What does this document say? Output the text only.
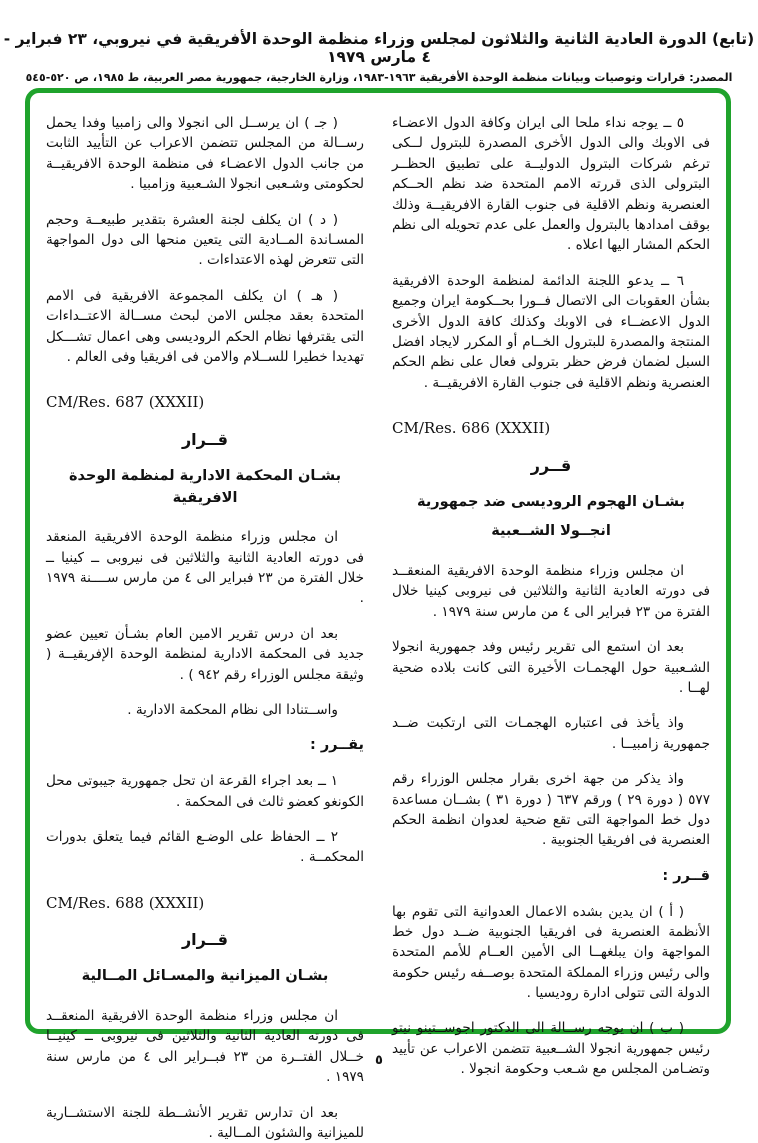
(تابع) الدورة العادية الثانية والثلاثون لمجلس وزراء منظمة الوحدة الأفريقية في نيروبي، ٢٣ فبراير - ٤ مارس ١٩٧٩
المصدر: قرارات وتوصيات وبيانات منظمة الوحدة الأفريقية ١٩٦٣-١٩٨٣، وزارة الخارجية، جمهورية مصر العربية، ط ١٩٨٥، ص ٥٢٠-٥٤٥

٥ ــ يوجه نداء ملحا الى ايران وكافة الدول الاعضـاء فى الاوبك والى الدول الأخرى المصدرة للبترول لــكى ترغم شركات البترول الدوليــة على تطبيق الحظــر البترولى الذى قررته الامم المتحدة ضد نظم الحــكم العنصرية ونظم الاقلية فى جنوب القارة الافريقيــة وذلك بوقف امدادها بالبترول والعمل على عدم تحويله الى نظم الحكم المشار اليها اعلاه .

٦ ــ يدعو اللجنة الدائمة لمنظمة الوحدة الافريقية بشأن العقوبات الى الاتصال فــورا بحــكومة ايران وجميع الدول الاعضــاء فى الاوبك وكذلك كافة الدول الأخرى المنتجة والمصدرة للبترول الخــام أو المكرر لايجاد افضل السبل لضمان فرض حظر بترولى فعال على نظم الحكم العنصرية ونظم الاقلية فى جنوب القارة الافريقيــة .

CM/Res. 686 (XXXII)
قــرر
بشـان الهجوم الروديسى ضد جمهورية
انجــولا الشــعبية

ان مجلس وزراء منظمة الوحدة الافريقية المنعقــد فى دورته العادية الثانية والثلاثين فى نيروبى كينيا خلال الفترة من ٢٣ فبراير الى ٤ من مارس سنة ١٩٧٩ .

بعد ان استمع الى تقرير رئيس وفد جمهورية انجولا الشـعبية حول الهجمـات الأخيرة التى كانت بلاده ضحية لهــا .

واذ يأخذ فى اعتباره الهجمـات التى ارتكبت ضــد جمهورية زامبيــا .

واذ يذكر من جهة اخرى بقرار مجلس الوزراء رقم ٥٧٧ ( دورة ٢٩ ) ورقم ٦٣٧ ( دورة ٣١ ) بشــان مساعدة دول خط المواجهة التى تقع ضحية لعدوان انظمة الحكم العنصرية فى افريقيا الجنوبية .

قــرر :

( أ ) ان يدين بشده الاعمال العدوانية التى تقوم بها الأنظمة العنصرية فى افريقيا الجنوبية ضــد دول خط المواجهة وان يبلغهــا الى الأمين العــام للأمم المتحدة والى رئيس وزراء المملكة المتحدة بوصــفه رئيس حكومة الدولة التى تتولى ادارة روديسيا .

( ب ) ان يوجه رســالة الى الدكتور اجوســتينو نيتو رئيس جمهورية انجولا الشــعبية تتضمن الاعراب عن تأييد وتضـامن المجلس مع شـعب وحكومة انجولا .

( جـ ) ان يرســل الى انجولا والى زامبيا وفدا يحمل رســالة من المجلس تتضمن الاعراب عن التأييد الثابت من جانب الدول الاعضـاء فى منظمة الوحدة الافريقيــة لحكومتى وشـعبى انجولا الشـعبية وزامبيا .

( د ) ان يكلف لجنة العشرة بتقدير طبيعــة وحجم المسـاندة المــادية التى يتعين منحها الى دول المواجهة التى تتعرض لهذه الاعتداءات .

( هـ ) ان يكلف المجموعة الافريقية فى الامم المتحدة بعقد مجلس الامن لبحث مســالة الاعتــداءات التى يقترفها نظام الحكم الروديسى وهى اعمال تشـــكل تهديدا خطيرا للســلام والامن فى افريقيا وفى العالم .

CM/Res. 687 (XXXII)
قــرار
بشـان المحكمة الادارية لمنظمة الوحدة الافريقية

ان مجلس وزراء منظمة الوحدة الافريقية المنعقد فى دورته العادية الثانية والثلاثين فى نيروبى ــ كينيا ــ خلال الفترة من ٢٣ فبراير الى ٤ من مارس ســــنة ١٩٧٩ .

بعد ان درس تقرير الامين العام بشـأن تعيين عضو جديد فى المحكمة الادارية لمنظمة الوحدة الإفريقيــة ( وثيقة مجلس الوزراء رقم ٩٤٢ ) .

واســتنادا الى نظام المحكمة الادارية .

يقــرر :

١ ــ بعد اجراء القرعة ان تحل جمهورية جيبوتى محل الكونغو كعضو ثالث فى المحكمة .

٢ ــ الحفاظ على الوضـع القائم فيما يتعلق بدورات المحكمــة .

CM/Res. 688 (XXXII)
قــرار
بشـان الميزانية والمسـائل المــالية

ان مجلس وزراء منظمة الوحدة الافريقية المنعقــد فى دورته العادية الثانية والثلاثين فى نيروبى ــ كينيــا خــلال الفتــرة من ٢٣ فبــراير الى ٤ من مارس سنة ١٩٧٩ .

بعد ان تدارس تقرير الأنشــطة للجنة الاستشــارية للميزانية والشئون المــالية .

٥
